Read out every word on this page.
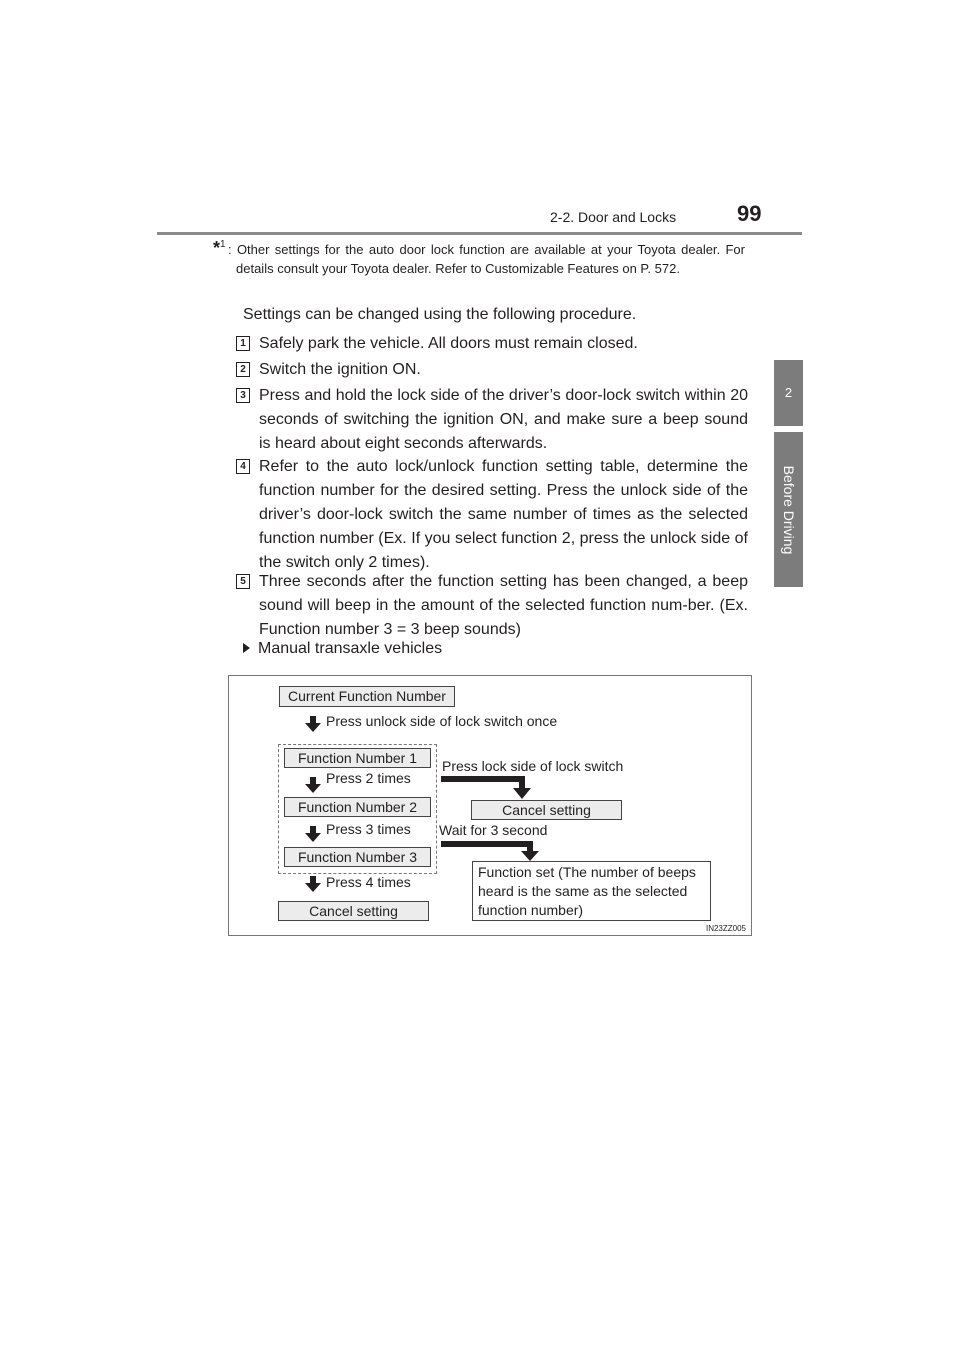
2-2. Door and Locks	99
2
Before Driving
*$^1$ : Other settings for the auto door lock function are available at your Toyota dealer. For details consult your Toyota dealer. Refer to Customizable Features on P. 572.
Settings can be changed using the following procedure.
1 Safely park the vehicle. All doors must remain closed.
2 Switch the ignition ON.
3 Press and hold the lock side of the driver’s door-lock switch within 20 seconds of switching the ignition ON, and make sure a beep sound is heard about eight seconds afterwards.
4 Refer to the auto lock/unlock function setting table, determine the function number for the desired setting. Press the unlock side of the driver’s door-lock switch the same number of times as the selected function number (Ex. If you select function 2, press the unlock side of the switch only 2 times).
5 Three seconds after the function setting has been changed, a beep sound will beep in the amount of the selected function num-ber. (Ex. Function number 3 = 3 beep sounds)
Manual transaxle vehicles
Current Function Number
Press unlock side of lock switch once
Function Number 1
Press 2 times
Function Number 2
Press 3 times
Function Number 3
Press 4 times
Cancel setting
Press lock side of lock switch
Cancel setting
Wait for 3 second
Function set (The number of beeps heard is the same as the selected function number)
IN23ZZ005
